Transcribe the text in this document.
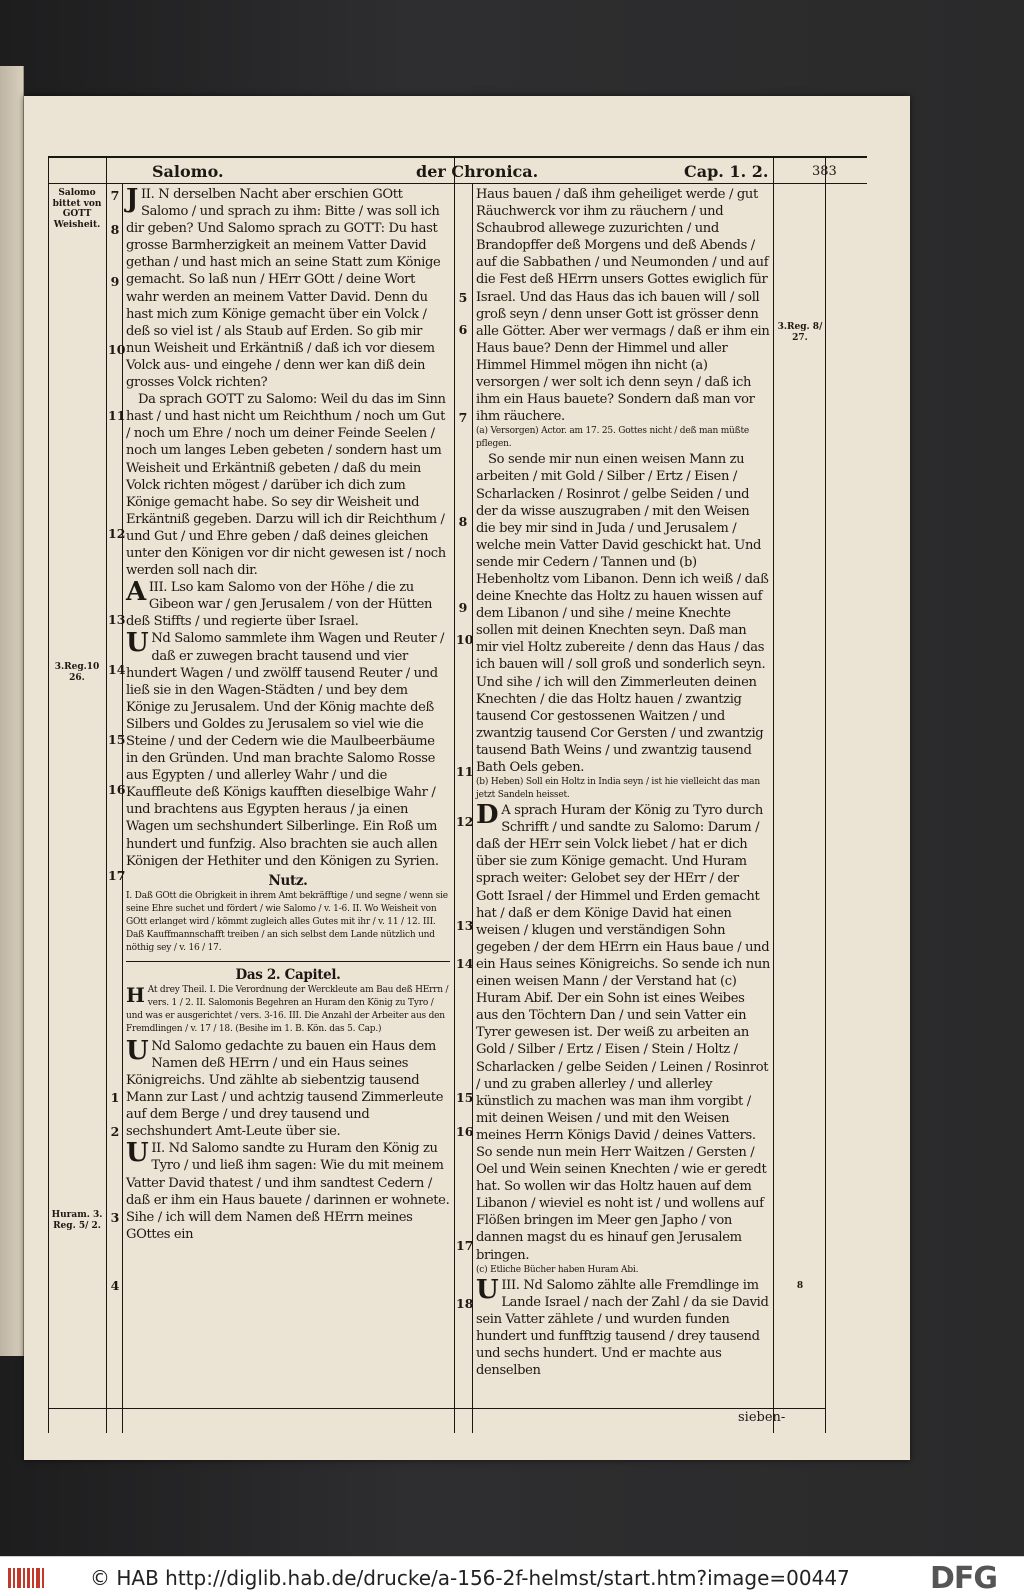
Salomo.	der Chronica.	Cap. 1. 2.	383
Salomo bittet von GOTT Weisheit.
3.Reg.10 26.
Huram. 3. Reg. 5/ 2.
3.Reg. 8/ 27.
8
7
8
9
10
11
12
13
14
15
16
17
1
2
3
4
5
6
7
8
9
10
11
12
13
14
15
16
17
18

JII. N derselben Nacht aber erschien GOtt Salomo / und sprach zu ihm: Bitte / was soll ich dir geben? Und Salomo sprach zu GOTT: Du hast grosse Barmherzigkeit an meinem Vatter David gethan / und hast mich an seine Statt zum Könige gemacht. So laß nun / HErr GOtt / deine Wort wahr werden an meinem Vatter David. Denn du hast mich zum Könige gemacht über ein Volck / deß so viel ist / als Staub auf Erden. So gib mir nun Weisheit und Erkäntniß / daß ich vor diesem Volck aus- und eingehe / denn wer kan diß dein grosses Volck richten?

Da sprach GOTT zu Salomo: Weil du das im Sinn hast / und hast nicht um Reichthum / noch um Gut / noch um Ehre / noch um deiner Feinde Seelen / noch um langes Leben gebeten / sondern hast um Weisheit und Erkäntniß gebeten / daß du mein Volck richten mögest / darüber ich dich zum Könige gemacht habe. So sey dir Weisheit und Erkäntniß gegeben. Darzu will ich dir Reichthum / und Gut / und Ehre geben / daß deines gleichen unter den Königen vor dir nicht gewesen ist / noch werden soll nach dir.

AIII. Lso kam Salomo von der Höhe / die zu Gibeon war / gen Jerusalem / von der Hütten deß Stiffts / und regierte über Israel.

U Nd Salomo sammlete ihm Wagen und Reuter / daß er zuwegen bracht tausend und vier hundert Wagen / und zwölff tausend Reuter / und ließ sie in den Wagen-Städten / und bey dem Könige zu Jerusalem. Und der König machte deß Silbers und Goldes zu Jerusalem so viel wie die Steine / und der Cedern wie die Maulbeerbäume in den Gründen. Und man brachte Salomo Rosse aus Egypten / und allerley Wahr / und die Kauffleute deß Königs kaufften dieselbige Wahr / und brachtens aus Egypten heraus / ja einen Wagen um sechshundert Silberlinge. Ein Roß um hundert und funfzig. Also brachten sie auch allen Königen der Hethiter und den Königen zu Syrien.

Nutz.

I. Daß GOtt die Obrigkeit in ihrem Amt bekräfftige / und segne / wenn sie seine Ehre suchet und fördert / wie Salomo / v. 1-6. II. Wo Weisheit von GOtt erlanget wird / kömmt zugleich alles Gutes mit ihr / v. 11 / 12. III. Daß Kauffmannschafft treiben / an sich selbst dem Lande nützlich und nöthig sey / v. 16 / 17.

Das 2. Capitel.

H At drey Theil. I. Die Verordnung der Werckleute am Bau deß HErrn / vers. 1 / 2. II. Salomonis Begehren an Huram den König zu Tyro / und was er ausgerichtet / vers. 3-16. III. Die Anzahl der Arbeiter aus den Fremdlingen / v. 17 / 18. (Besihe im 1. B. Kön. das 5. Cap.)

U Nd Salomo gedachte zu bauen ein Haus dem Namen deß HErrn / und ein Haus seines Königreichs. Und zählte ab siebentzig tausend Mann zur Last / und achtzig tausend Zimmerleute auf dem Berge / und drey tausend und sechshundert Amt-Leute über sie.

UII. Nd Salomo sandte zu Huram den König zu Tyro / und ließ ihm sagen: Wie du mit meinem Vatter David thatest / und ihm sandtest Cedern / daß er ihm ein Haus bauete / darinnen er wohnete. Sihe / ich will dem Namen deß HErrn meines GOttes ein

Haus bauen / daß ihm geheiliget werde / gut Räuchwerck vor ihm zu räuchern / und Schaubrod allewege zuzurichten / und Brandopffer deß Morgens und deß Abends / auf die Sabbathen / und Neumonden / und auf die Fest deß HErrn unsers Gottes ewiglich für Israel. Und das Haus das ich bauen will / soll groß seyn / denn unser Gott ist grösser denn alle Götter. Aber wer vermags / daß er ihm ein Haus baue? Denn der Himmel und aller Himmel Himmel mögen ihn nicht (a) versorgen / wer solt ich denn seyn / daß ich ihm ein Haus bauete? Sondern daß man vor ihm räuchere.

(a) Versorgen) Actor. am 17. 25. Gottes nicht / deß man müßte pflegen.

So sende mir nun einen weisen Mann zu arbeiten / mit Gold / Silber / Ertz / Eisen / Scharlacken / Rosinrot / gelbe Seiden / und der da wisse auszugraben / mit den Weisen die bey mir sind in Juda / und Jerusalem / welche mein Vatter David geschickt hat. Und sende mir Cedern / Tannen und (b) Hebenholtz vom Libanon. Denn ich weiß / daß deine Knechte das Holtz zu hauen wissen auf dem Libanon / und sihe / meine Knechte sollen mit deinen Knechten seyn. Daß man mir viel Holtz zubereite / denn das Haus / das ich bauen will / soll groß und sonderlich seyn. Und sihe / ich will den Zimmerleuten deinen Knechten / die das Holtz hauen / zwantzig tausend Cor gestossenen Waitzen / und zwantzig tausend Cor Gersten / und zwantzig tausend Bath Weins / und zwantzig tausend Bath Oels geben.

(b) Heben) Soll ein Holtz in India seyn / ist hie vielleicht das man jetzt Sandeln heisset.

D A sprach Huram der König zu Tyro durch Schrifft / und sandte zu Salomo: Darum / daß der HErr sein Volck liebet / hat er dich über sie zum Könige gemacht. Und Huram sprach weiter: Gelobet sey der HErr / der Gott Israel / der Himmel und Erden gemacht hat / daß er dem Könige David hat einen weisen / klugen und verständigen Sohn gegeben / der dem HErrn ein Haus baue / und ein Haus seines Königreichs. So sende ich nun einen weisen Mann / der Verstand hat (c) Huram Abif. Der ein Sohn ist eines Weibes aus den Töchtern Dan / und sein Vatter ein Tyrer gewesen ist. Der weiß zu arbeiten an Gold / Silber / Ertz / Eisen / Stein / Holtz / Scharlacken / gelbe Seiden / Leinen / Rosinrot / und zu graben allerley / und allerley künstlich zu machen was man ihm vorgibt / mit deinen Weisen / und mit den Weisen meines Herrn Königs David / deines Vatters. So sende nun mein Herr Waitzen / Gersten / Oel und Wein seinen Knechten / wie er geredt hat. So wollen wir das Holtz hauen auf dem Libanon / wieviel es noht ist / und wollens auf Flößen bringen im Meer gen Japho / von dannen magst du es hinauf gen Jerusalem bringen.

(c) Etliche Bücher haben Huram Abi.

UIII. Nd Salomo zählte alle Fremdlinge im Lande Israel / nach der Zahl / da sie David sein Vatter zählete / und wurden funden hundert und funfftzig tausend / drey tausend und sechs hundert. Und er machte aus denselben

sieben-
© HAB http://diglib.hab.de/drucke/a-156-2f-helmst/start.htm?image=00447	DFG
